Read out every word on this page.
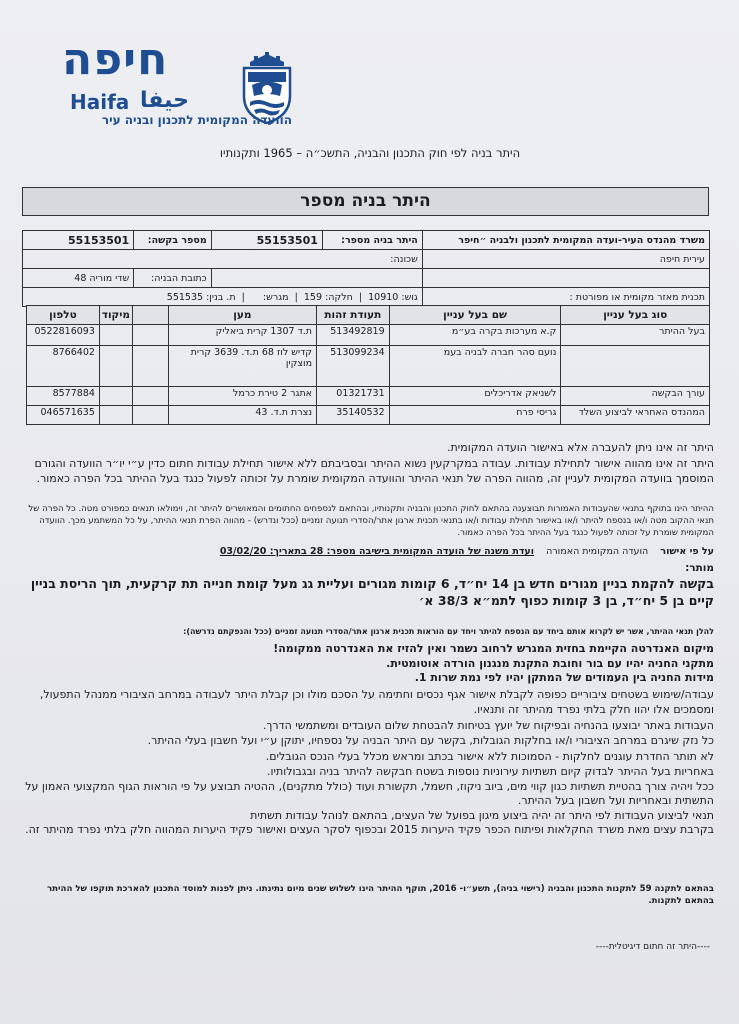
חיפה
Haifa حيفا
הוועדה המקומית לתכנון ובניה עיר
היתר בניה לפי חוק התכנון והבניה, התשכ״ה – 1965 ותקנותיו
היתר בניה מספר
משרד מהנדס העיר-ועדה המקומית לתכנון ולבניה ״חיפר	היתר בניה מספר:	55153501	מספר בקשה:	55153501
עירית חיפה	שכונה:			
			כתובת הבניה:	שדי מוריה 48
תכנית מאזר מקומית או מפורטת :	גוש: 10910  |  חלקה: 159  |  מגרש:      |  ת. בנין: 551535			
סוג בעל עניין	שם בעל עניין	תעודת זהות	מען		מיקוד	טלפון
בעל ההיתר	ק.א מערכות בקרה בע״מ	513492819	ת.ד 1307 קרית ביאליק			0522816093
	נועם סהר חברה לבניה בעמ	513099234	קדיש לוז 68 ת.ד. 3639 קרית מוצקין			8766402
עורך הבקשה	לשניאק אדריכלים	01321731	אתגר 2 טירת כרמל			8577884
המהנדס האחראי לביצוע השלד	גריסי פרח	35140532	נצרת ת.ד. 43			046571635
היתר זה אינו ניתן להעברה אלא באישור הועדה המקומית.
היתר זה אינו מהווה אישור לתחילת עבודות. עבודה במקרקעין נשוא ההיתר ובסביבתם ללא אישור תחילת עבודות חתום כדין ע״י יו״ר הוועדה והגורם המוסמך בוועדה המקומית לעניין זה, מהווה הפרה של תנאי ההיתר והוועדה המקומית שומרת על זכותה לפעול כנגד בעל ההיתר בכל הפרה כאמור.
ההיתר הינו בתוקף בתנאי שהעבודות האמורות תבוצענה בהתאם לחוק התכנון והבניה ותקנותיו, ובהתאם לנספחים החתומים והמאושרים להיתר זה, וימולאו תנאים כמפורט מטה. כל הפרה של תנאי ההקוב מטה ו/או בנספח להיתר ו/או באישור תחילת עבודות ו/או בתנאי תכנית ארגון אתר/הסדרי תנועה זמניים (ככל ונדרש) - מהווה הפרת תנאי ההיתר, על כל המשתמע מכך. הוועדה המקומית שומרת על זכותה לפעול כנגד בעל ההיתר בכל הפרה כאמור.
על פי אישור    הועדה המקומית האמורה    ועדת משנה של הועדה המקומית בישיבה מספר: 28 בתאריך: 03/02/20
מותר:
בקשה להקמת בניין מגורים חדש בן 14 יח״ד, 6 קומות מגורים ועליית גג מעל קומת חנייה תת קרקעית, תוך הריסת בניין קיים בן 5 יח״ד, בן 3 קומות כפוף לתמ״א 38/3 א׳
להלן תנאי ההיתר, אשר יש לקרוא אותם ביחד עם הנספח להיתר ויחד עם הוראות תכנית ארגון אתר/הסדרי תנועה זמניים (ככל והנפקתם נדרשה):
מיקום האנדרטה הקיימת בחזית המגרש לרחוב נשמר ואין להזיז את האנדרטה ממקומה!
מתקני החניה יהיו עם בור וחובת התקנת מנגנון הורדה אוטומטית.
מידות החניה בין העמודים של המתקן יהיו לפי נמת שרות 1.
עבודה/שימוש בשטחים ציבוריים כפופה לקבלת אישור אגף נכסים וחתימה על הסכם מולו וכן קבלת היתר לעבודה במרחב הציבורי ממנהל התפעול, ומסמכים אלו יהוו חלק בלתי נפרד מהיתר זה ותנאיו.
העבודות באתר יבוצעו בהנחיה ובפיקוח של יועץ בטיחות להבטחת שלום העובדים ומשתמשי הדרך.
כל נזק שיגרם במרחב הציבורי ו/או בחלקות הגובלות, בקשר עם היתר הבניה על נספחיו, יתוקן ע״י ועל חשבון בעלי ההיתר.
לא תותר החדרת עוגנים לחלקות - הסמוכות ללא אישור בכתב ומראש מכלל בעלי הנכס הגובלים.
באחריות בעל ההיתר לבדוק קיום תשתיות עירוניות נוספות בשטח חבקשה להיתר בניה ובגבולותיו.
ככל ויהיה צורך בהטיית תשתיות כגון קווי מים, ביוב ניקוז, חשמל, תקשורת ועוד (כולל מתקנים), ההטיה תבוצע על פי הוראות הגוף המקצועי האמון על התשתית ובאחריות ועל חשבון בעל ההיתר.
תנאי לביצוע העבודות לפי היתר זה יהיה ביצוע מיגון בפועל של העצים, בהתאם לנוהל עבודות תשתית
בקרבת עצים מאת משרד החקלאות ופיתוח הכפר פקיד היערות 2015 ובכפוף לסקר העצים ואישור פקיד היערות המהווה חלק בלתי נפרד מהיתר זה.
בהתאם לתקנה 59 לתקנות התכנון והבניה (רישוי בניה), תשע״ו- 2016, תוקף ההיתר הינו לשלוש שנים מיום נתינתו. ניתן לפנות למוסד התכנון להארכת תוקפו של ההיתר בהתאם לתקנות.
----היתר זה חתום דיגיטלית----
